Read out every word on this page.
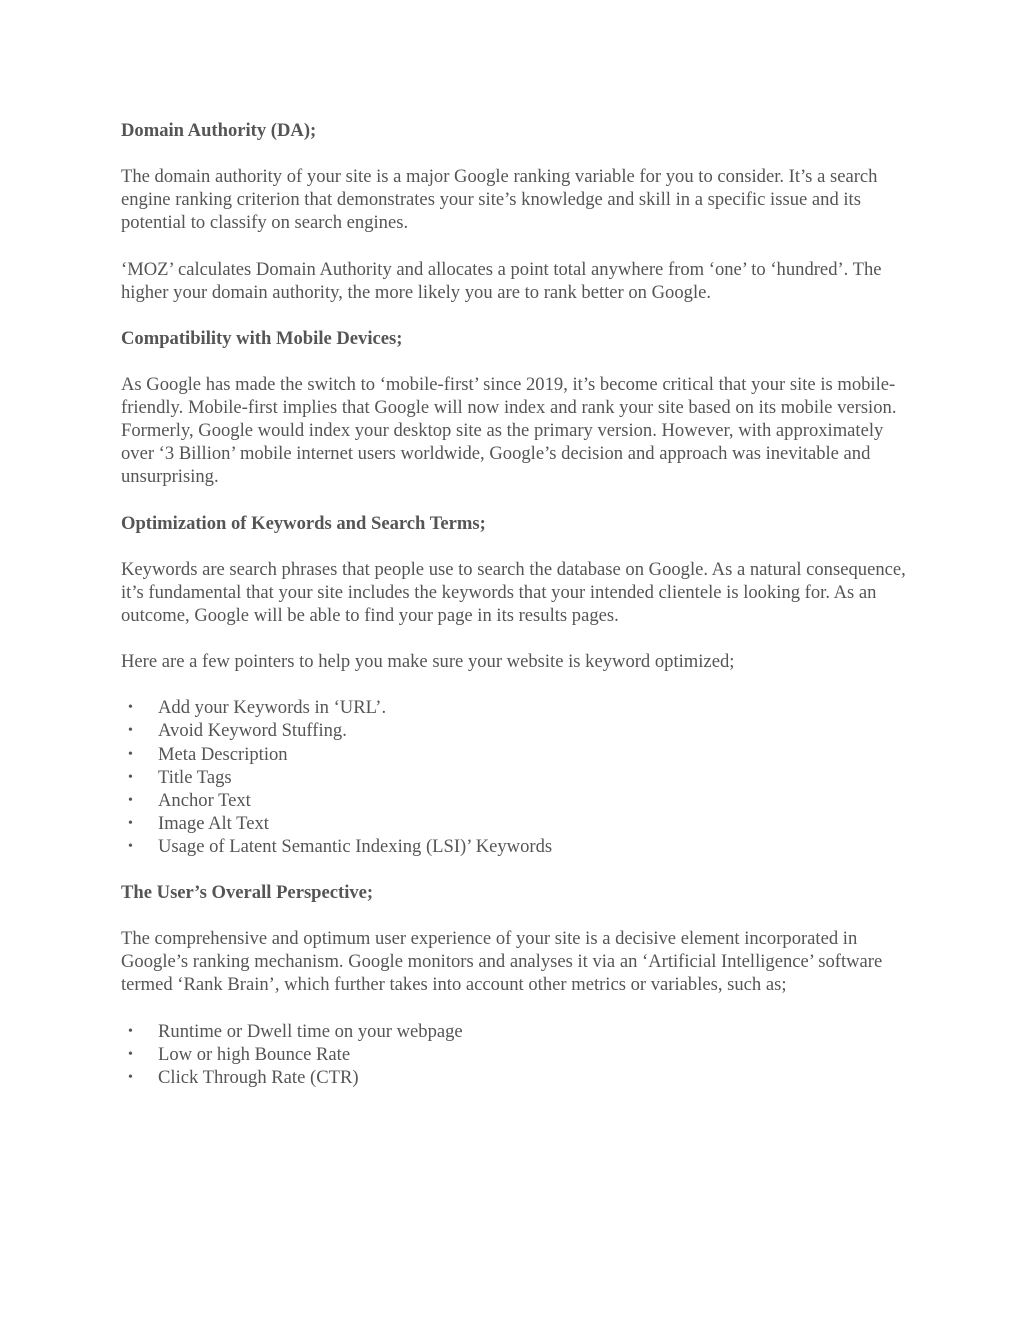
Domain Authority (DA);
The domain authority of your site is a major Google ranking variable for you to consider. It’s a search engine ranking criterion that demonstrates your site’s knowledge and skill in a specific issue and its potential to classify on search engines.
‘MOZ’ calculates Domain Authority and allocates a point total anywhere from ‘one’ to ‘hundred’. The higher your domain authority, the more likely you are to rank better on Google.
Compatibility with Mobile Devices;
As Google has made the switch to ‘mobile-first’ since 2019, it’s become critical that your site is mobile-friendly. Mobile-first implies that Google will now index and rank your site based on its mobile version. Formerly, Google would index your desktop site as the primary version. However, with approximately over ‘3 Billion’ mobile internet users worldwide, Google’s decision and approach was inevitable and unsurprising.
Optimization of Keywords and Search Terms;
Keywords are search phrases that people use to search the database on Google. As a natural consequence, it’s fundamental that your site includes the keywords that your intended clientele is looking for. As an outcome, Google will be able to find your page in its results pages.
Here are a few pointers to help you make sure your website is keyword optimized;
• Add your Keywords in ‘URL’.
• Avoid Keyword Stuffing.
• Meta Description
• Title Tags
• Anchor Text
• Image Alt Text
• Usage of Latent Semantic Indexing (LSI)’ Keywords
The User’s Overall Perspective;
The comprehensive and optimum user experience of your site is a decisive element incorporated in Google’s ranking mechanism. Google monitors and analyses it via an ‘Artificial Intelligence’ software termed ‘Rank Brain’, which further takes into account other metrics or variables, such as;
• Runtime or Dwell time on your webpage
• Low or high Bounce Rate
• Click Through Rate (CTR)
